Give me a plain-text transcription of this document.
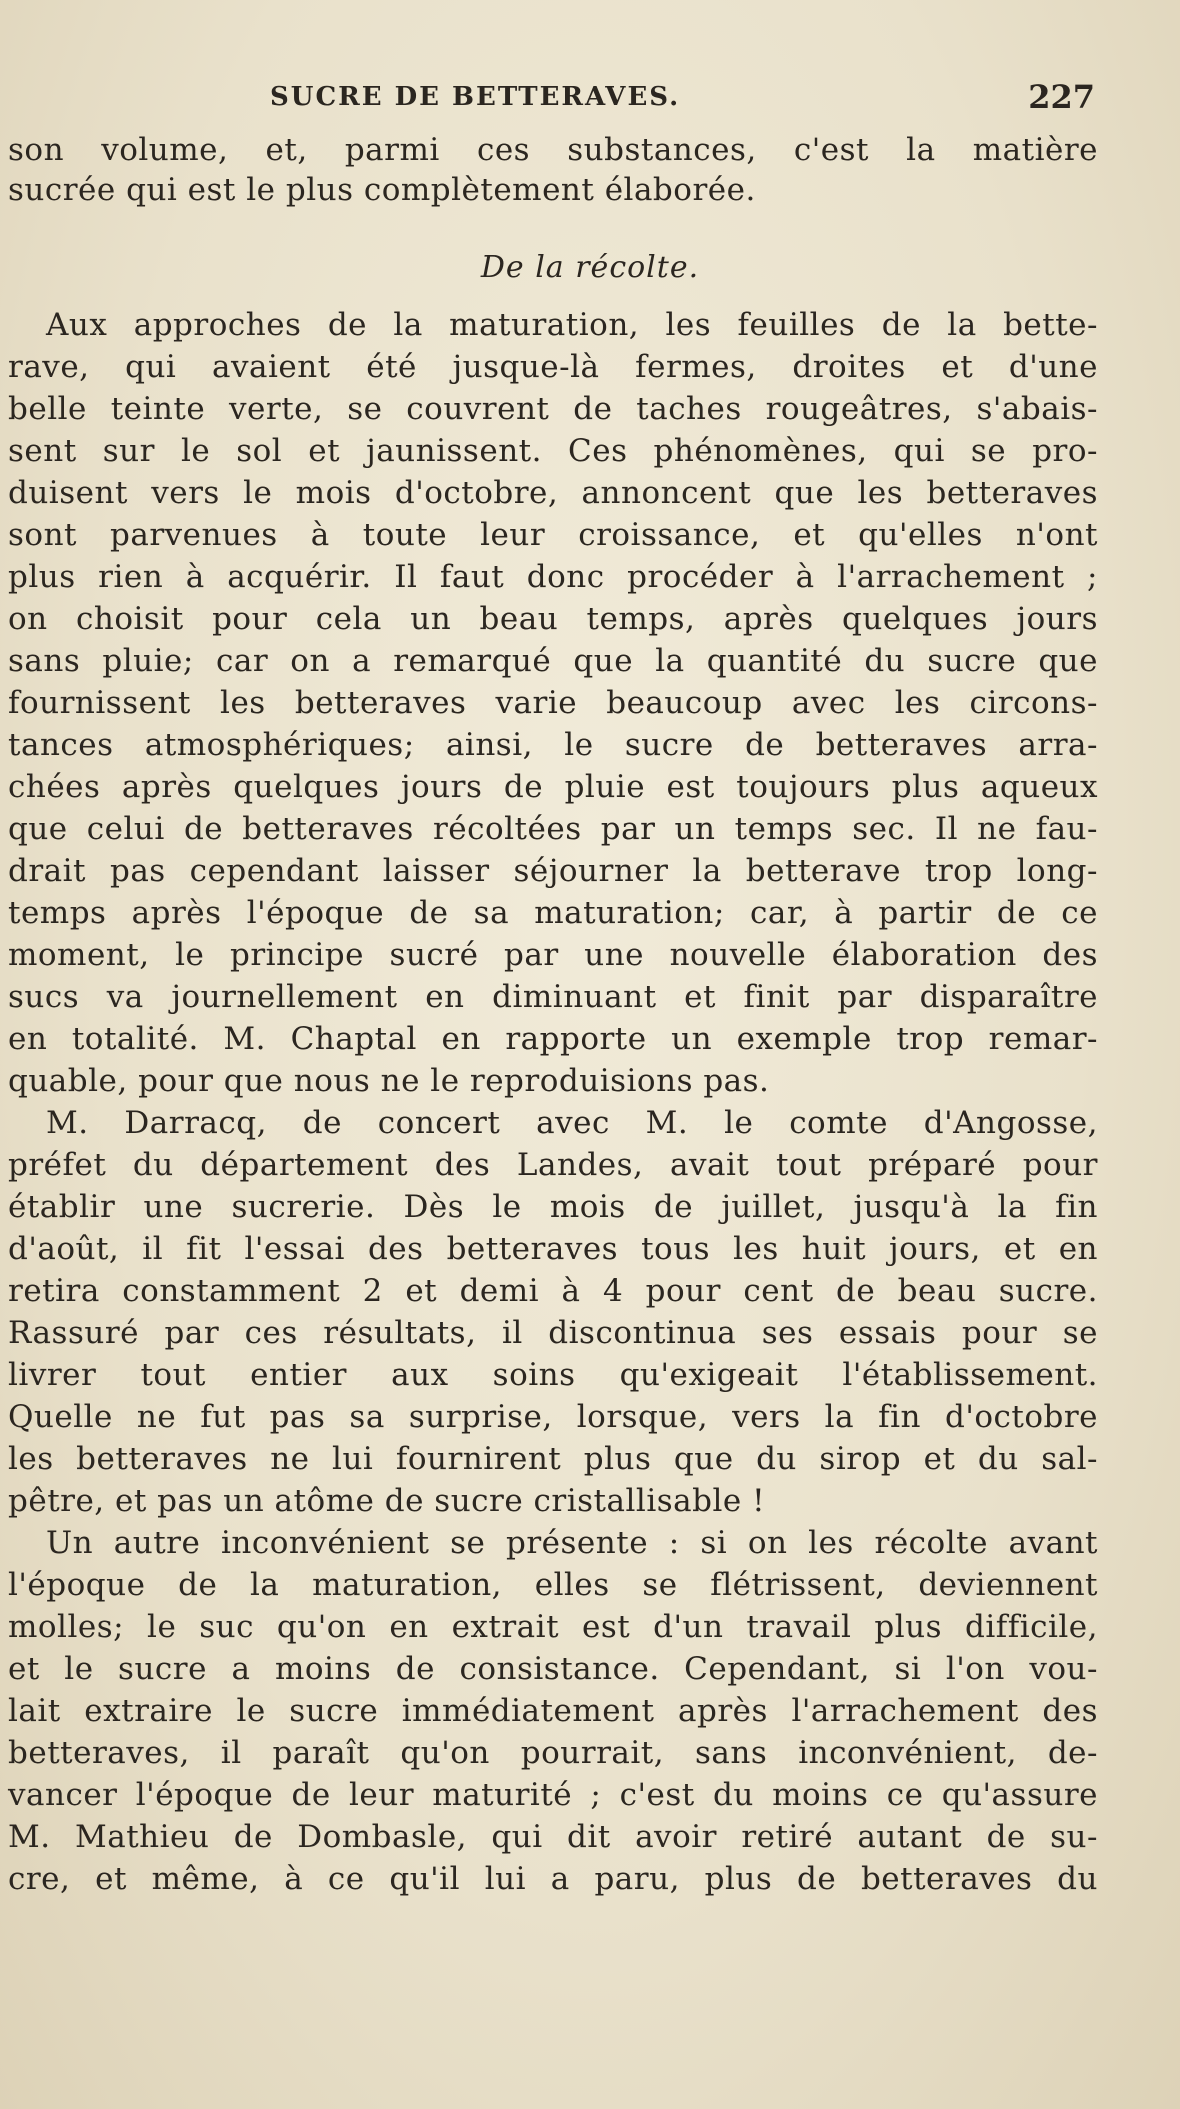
SUCRE DE BETTERAVES.	227
son volume, et, parmi ces substances, c'est la matière
sucrée qui est le plus complètement élaborée.
De la récolte.
Aux approches de la maturation, les feuilles de la bette-
rave, qui avaient été jusque-là fermes, droites et d'une
belle teinte verte, se couvrent de taches rougeâtres, s'abais-
sent sur le sol et jaunissent. Ces phénomènes, qui se pro-
duisent vers le mois d'octobre, annoncent que les betteraves
sont parvenues à toute leur croissance, et qu'elles n'ont
plus rien à acquérir. Il faut donc procéder à l'arrachement ;
on choisit pour cela un beau temps, après quelques jours
sans pluie; car on a remarqué que la quantité du sucre que
fournissent les betteraves varie beaucoup avec les circons-
tances atmosphériques; ainsi, le sucre de betteraves arra-
chées après quelques jours de pluie est toujours plus aqueux
que celui de betteraves récoltées par un temps sec. Il ne fau-
drait pas cependant laisser séjourner la betterave trop long-
temps après l'époque de sa maturation; car, à partir de ce
moment, le principe sucré par une nouvelle élaboration des
sucs va journellement en diminuant et finit par disparaître
en totalité. M. Chaptal en rapporte un exemple trop remar-
quable, pour que nous ne le reproduisions pas.
M. Darracq, de concert avec M. le comte d'Angosse,
préfet du département des Landes, avait tout préparé pour
établir une sucrerie. Dès le mois de juillet, jusqu'à la fin
d'août, il fit l'essai des betteraves tous les huit jours, et en
retira constamment 2 et demi à 4 pour cent de beau sucre.
Rassuré par ces résultats, il discontinua ses essais pour se
livrer tout entier aux soins qu'exigeait l'établissement.
Quelle ne fut pas sa surprise, lorsque, vers la fin d'octobre
les betteraves ne lui fournirent plus que du sirop et du sal-
pêtre, et pas un atôme de sucre cristallisable !
Un autre inconvénient se présente : si on les récolte avant
l'époque de la maturation, elles se flétrissent, deviennent
molles; le suc qu'on en extrait est d'un travail plus difficile,
et le sucre a moins de consistance. Cependant, si l'on vou-
lait extraire le sucre immédiatement après l'arrachement des
betteraves, il paraît qu'on pourrait, sans inconvénient, de-
vancer l'époque de leur maturité ; c'est du moins ce qu'assure
M. Mathieu de Dombasle, qui dit avoir retiré autant de su-
cre, et même, à ce qu'il lui a paru, plus de betteraves du
